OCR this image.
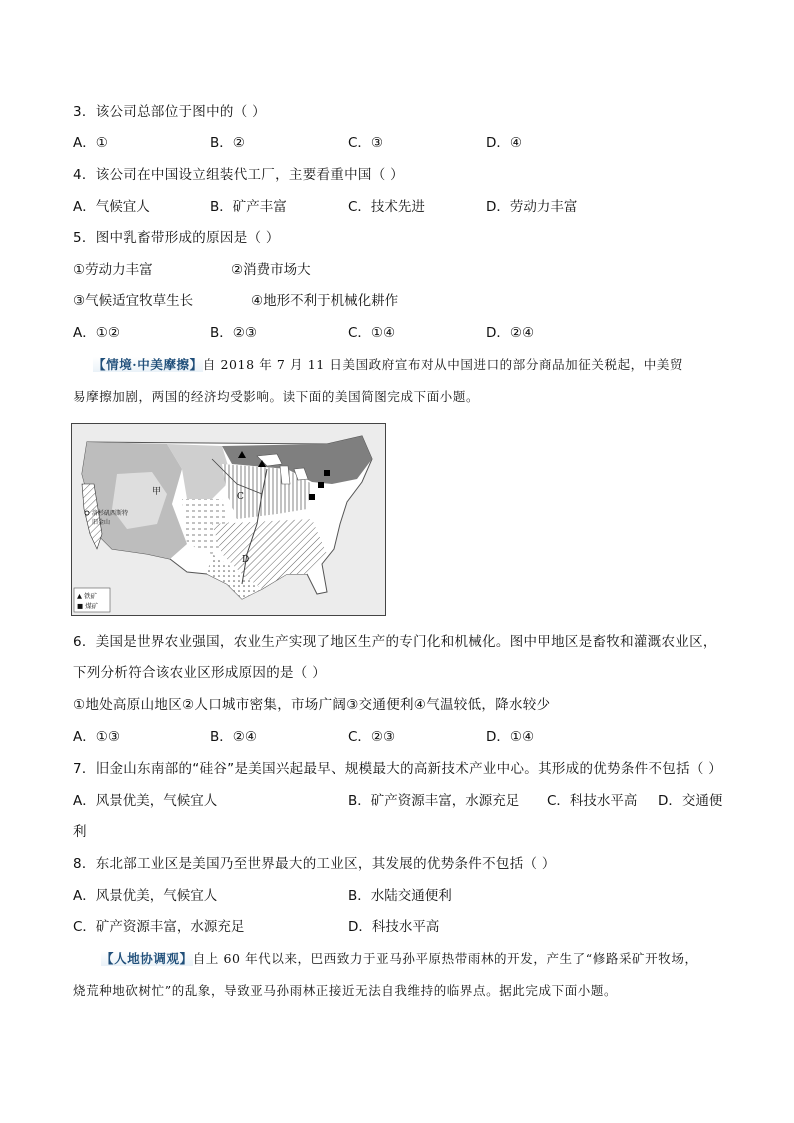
3．该公司总部位于图中的（ ）
A．①	B．②	C．③	D．④
4．该公司在中国设立组装代工厂，主要看重中国（ ）
A．气候宜人	B．矿产丰富	C．技术先进	D．劳动力丰富
5．图中乳畜带形成的原因是（ ）
①劳动力丰富	②消费市场大
③气候适宜牧草生长	④地形不利于机械化耕作
A．①②	B．②③	C．①④	D．②④
【情境·中美摩擦】自 2018 年 7 月 11 日美国政府宣布对从中国进口的部分商品加征关税起，中美贸
易摩擦加剧，两国的经济均受影响。读下面的美国简图完成下面小题。
甲	C
D
洛杉矶西斯特
旧金山
▲ 铁矿
■ 煤矿
6．美国是世界农业强国，农业生产实现了地区生产的专门化和机械化。图中甲地区是畜牧和灌溉农业区，
下列分析符合该农业区形成原因的是（ ）
①地处高原山地区②人口城市密集，市场广阔③交通便利④气温较低，降水较少
A．①③	B．②④	C．②③	D．①④
7．旧金山东南部的“硅谷”是美国兴起最早、规模最大的高新技术产业中心。其形成的优势条件不包括（ ）
A．风景优美，气候宜人	B．矿产资源丰富，水源充足 C．科技水平高 D．交通便
利
8．东北部工业区是美国乃至世界最大的工业区，其发展的优势条件不包括（ ）
A．风景优美，气候宜人	B．水陆交通便利
C．矿产资源丰富，水源充足	D．科技水平高
【人地协调观】自上 60 年代以来，巴西致力于亚马孙平原热带雨林的开发，产生了“修路采矿开牧场，
烧荒种地砍树忙”的乱象，导致亚马孙雨林正接近无法自我维持的临界点。据此完成下面小题。
